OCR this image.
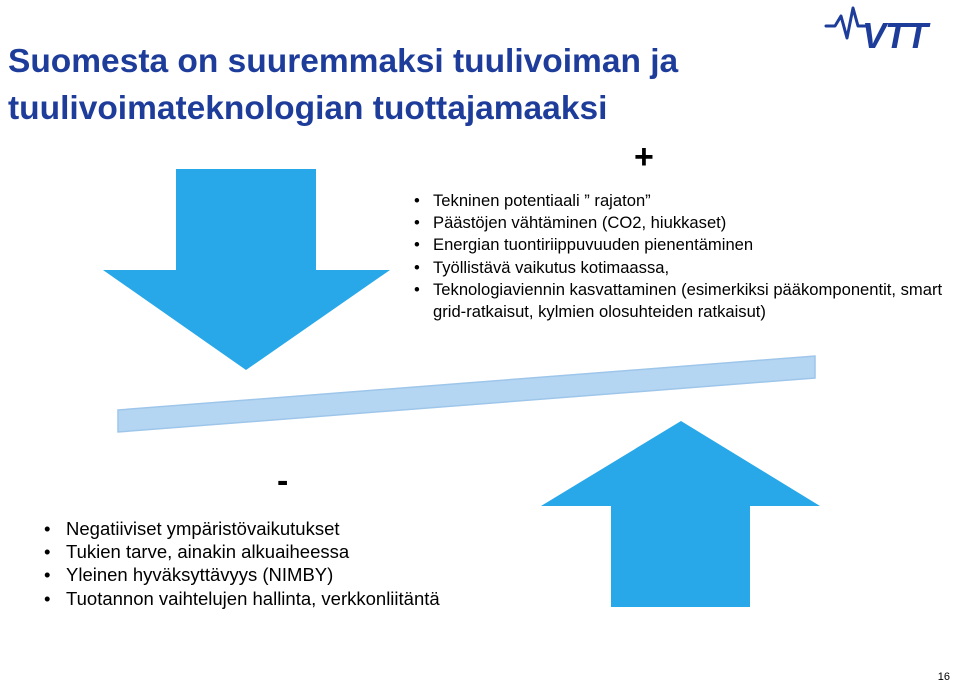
Suomesta on suuremmaksi tuulivoiman ja
tuulivoimateknologian tuottajamaaksi
VTT

+

• Tekninen potentiaali ” rajaton”
• Päästöjen vähtäminen (CO2, hiukkaset)
• Energian tuontiriippuvuuden pienentäminen
• Työllistävä vaikutus kotimaassa,
• Teknologiaviennin kasvattaminen (esimerkiksi pääkomponentit, smart grid-ratkaisut, kylmien olosuhteiden ratkaisut)

-

• Negatiiviset ympäristövaikutukset
• Tukien tarve, ainakin alkuaiheessa
• Yleinen hyväksyttävyys (NIMBY)
• Tuotannon vaihtelujen hallinta, verkkonliitäntä

16
